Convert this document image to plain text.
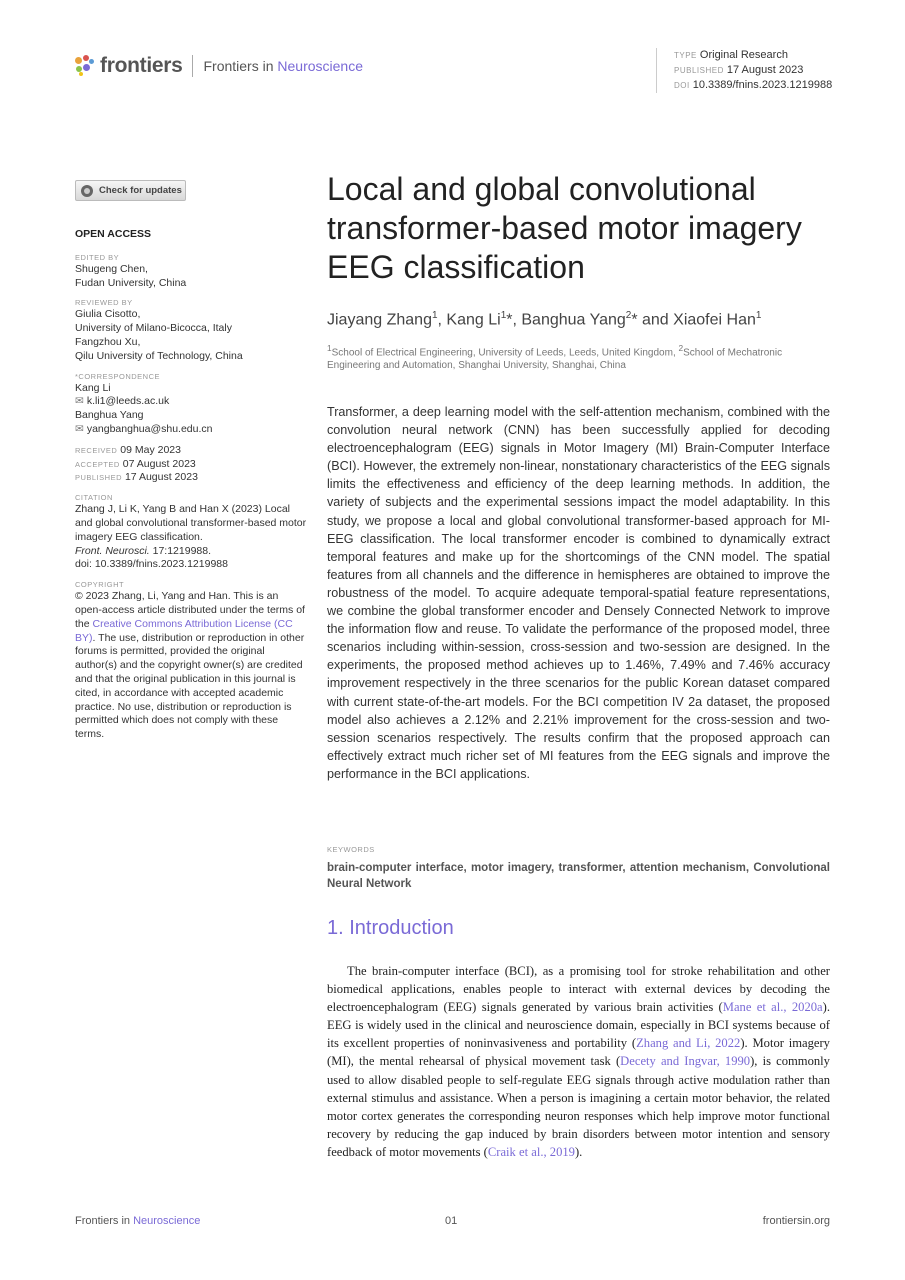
frontiers Frontiers in Neuroscience
TYPE Original Research
PUBLISHED 17 August 2023
DOI 10.3389/fnins.2023.1219988
Check for updates
OPEN ACCESS
EDITED BY
Shugeng Chen,
Fudan University, China
REVIEWED BY
Giulia Cisotto,
University of Milano-Bicocca, Italy
Fangzhou Xu,
Qilu University of Technology, China
*CORRESPONDENCE
Kang Li
✉ k.li1@leeds.ac.uk
Banghua Yang
✉ yangbanghua@shu.edu.cn
RECEIVED 09 May 2023
ACCEPTED 07 August 2023
PUBLISHED 17 August 2023
CITATION
Zhang J, Li K, Yang B and Han X (2023) Local and global convolutional transformer-based motor imagery EEG classification.
Front. Neurosci. 17:1219988.
doi: 10.3389/fnins.2023.1219988
COPYRIGHT
© 2023 Zhang, Li, Yang and Han. This is an open-access article distributed under the terms of the Creative Commons Attribution License (CC BY). The use, distribution or reproduction in other forums is permitted, provided the original author(s) and the copyright owner(s) are credited and that the original publication in this journal is cited, in accordance with accepted academic practice. No use, distribution or reproduction is permitted which does not comply with these terms.
Local and global convolutional transformer-based motor imagery EEG classification
Jiayang Zhang$^1$, Kang Li$^1$*, Banghua Yang$^2$* and Xiaofei Han$^1$
$^1$School of Electrical Engineering, University of Leeds, Leeds, United Kingdom, $^2$School of Mechatronic Engineering and Automation, Shanghai University, Shanghai, China
Transformer, a deep learning model with the self-attention mechanism, combined with the convolution neural network (CNN) has been successfully applied for decoding electroencephalogram (EEG) signals in Motor Imagery (MI) Brain-Computer Interface (BCI). However, the extremely non-linear, nonstationary characteristics of the EEG signals limits the effectiveness and efficiency of the deep learning methods. In addition, the variety of subjects and the experimental sessions impact the model adaptability. In this study, we propose a local and global convolutional transformer-based approach for MI-EEG classification. The local transformer encoder is combined to dynamically extract temporal features and make up for the shortcomings of the CNN model. The spatial features from all channels and the difference in hemispheres are obtained to improve the robustness of the model. To acquire adequate temporal-spatial feature representations, we combine the global transformer encoder and Densely Connected Network to improve the information flow and reuse. To validate the performance of the proposed model, three scenarios including within-session, cross-session and two-session are designed. In the experiments, the proposed method achieves up to 1.46%, 7.49% and 7.46% accuracy improvement respectively in the three scenarios for the public Korean dataset compared with current state-of-the-art models. For the BCI competition IV 2a dataset, the proposed model also achieves a 2.12% and 2.21% improvement for the cross-session and two-session scenarios respectively. The results confirm that the proposed approach can effectively extract much richer set of MI features from the EEG signals and improve the performance in the BCI applications.
KEYWORDS
brain-computer interface, motor imagery, transformer, attention mechanism, Convolutional Neural Network
1. Introduction
The brain-computer interface (BCI), as a promising tool for stroke rehabilitation and other biomedical applications, enables people to interact with external devices by decoding the electroencephalogram (EEG) signals generated by various brain activities (Mane et al., 2020a). EEG is widely used in the clinical and neuroscience domain, especially in BCI systems because of its excellent properties of noninvasiveness and portability (Zhang and Li, 2022). Motor imagery (MI), the mental rehearsal of physical movement task (Decety and Ingvar, 1990), is commonly used to allow disabled people to self-regulate EEG signals through active modulation rather than external stimulus and assistance. When a person is imagining a certain motor behavior, the related motor cortex generates the corresponding neuron responses which help improve motor functional recovery by reducing the gap induced by brain disorders between motor intention and sensory feedback of motor movements (Craik et al., 2019).
Frontiers in Neuroscience	01	frontiersin.org
